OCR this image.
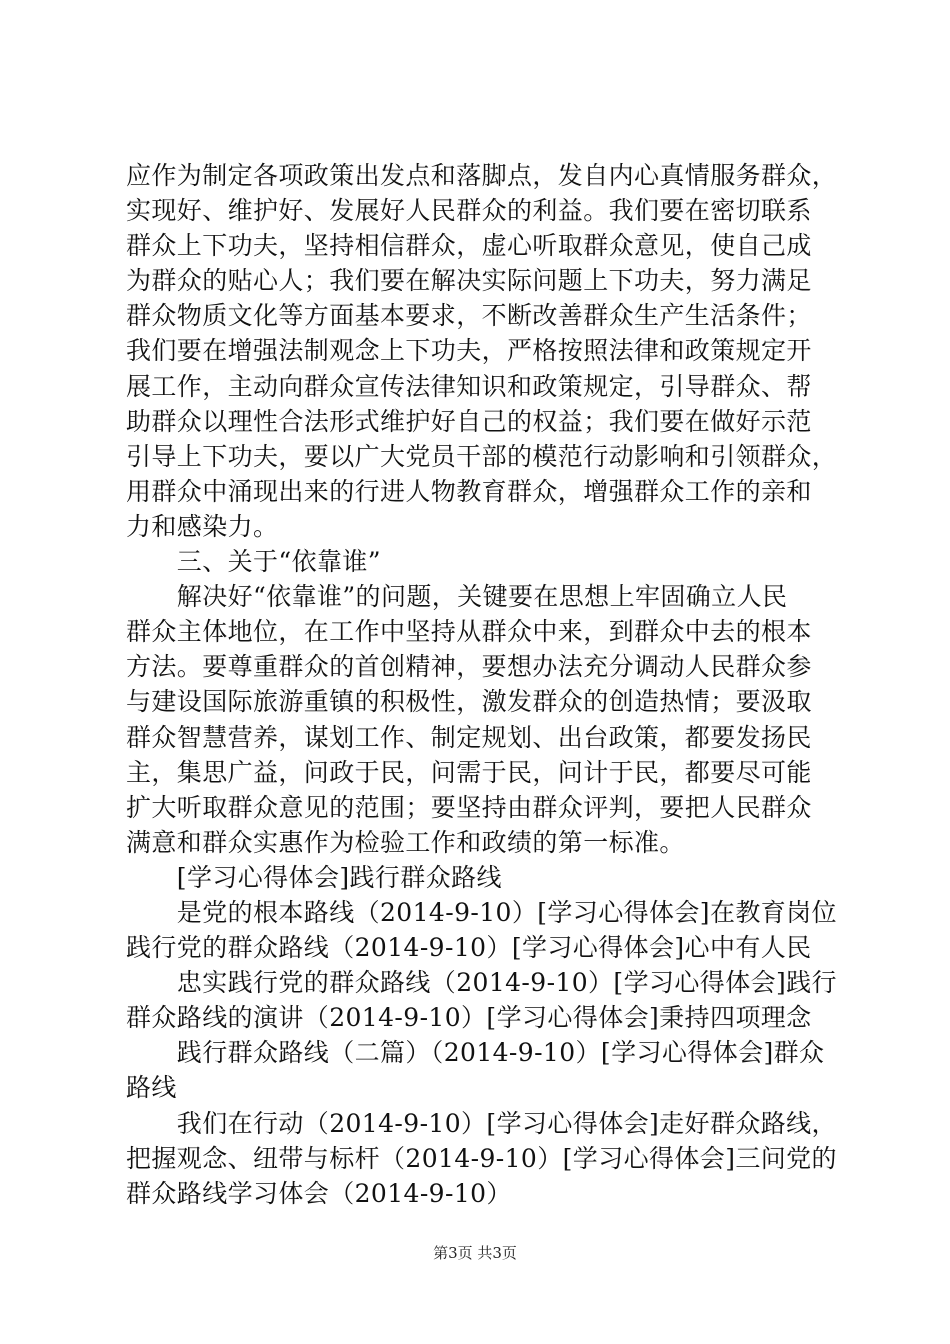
应作为制定各项政策出发点和落脚点，发自内心真情服务群众，
实现好、维护好、发展好人民群众的利益。我们要在密切联系
群众上下功夫，坚持相信群众，虚心听取群众意见，使自己成
为群众的贴心人；我们要在解决实际问题上下功夫，努力满足
群众物质文化等方面基本要求，不断改善群众生产生活条件；
我们要在增强法制观念上下功夫，严格按照法律和政策规定开
展工作，主动向群众宣传法律知识和政策规定，引导群众、帮
助群众以理性合法形式维护好自己的权益；我们要在做好示范
引导上下功夫，要以广大党员干部的模范行动影响和引领群众，
用群众中涌现出来的行进人物教育群众，增强群众工作的亲和
力和感染力。
　　三、关于“依靠谁”
　　解决好“依靠谁”的问题，关键要在思想上牢固确立人民
群众主体地位，在工作中坚持从群众中来，到群众中去的根本
方法。要尊重群众的首创精神，要想办法充分调动人民群众参
与建设国际旅游重镇的积极性，激发群众的创造热情；要汲取
群众智慧营养，谋划工作、制定规划、出台政策，都要发扬民
主，集思广益，问政于民，问需于民，问计于民，都要尽可能
扩大听取群众意见的范围；要坚持由群众评判，要把人民群众
满意和群众实惠作为检验工作和政绩的第一标准。
　　[学习心得体会]践行群众路线
　　是党的根本路线（2014-9-10）[学习心得体会]在教育岗位
践行党的群众路线（2014-9-10）[学习心得体会]心中有人民
　　忠实践行党的群众路线（2014-9-10）[学习心得体会]践行
群众路线的演讲（2014-9-10）[学习心得体会]秉持四项理念
　　践行群众路线（二篇）（2014-9-10）[学习心得体会]群众
路线
　　我们在行动（2014-9-10）[学习心得体会]走好群众路线，
把握观念、纽带与标杆（2014-9-10）[学习心得体会]三问党的
群众路线学习体会（2014-9-10）
第3页 共3页
